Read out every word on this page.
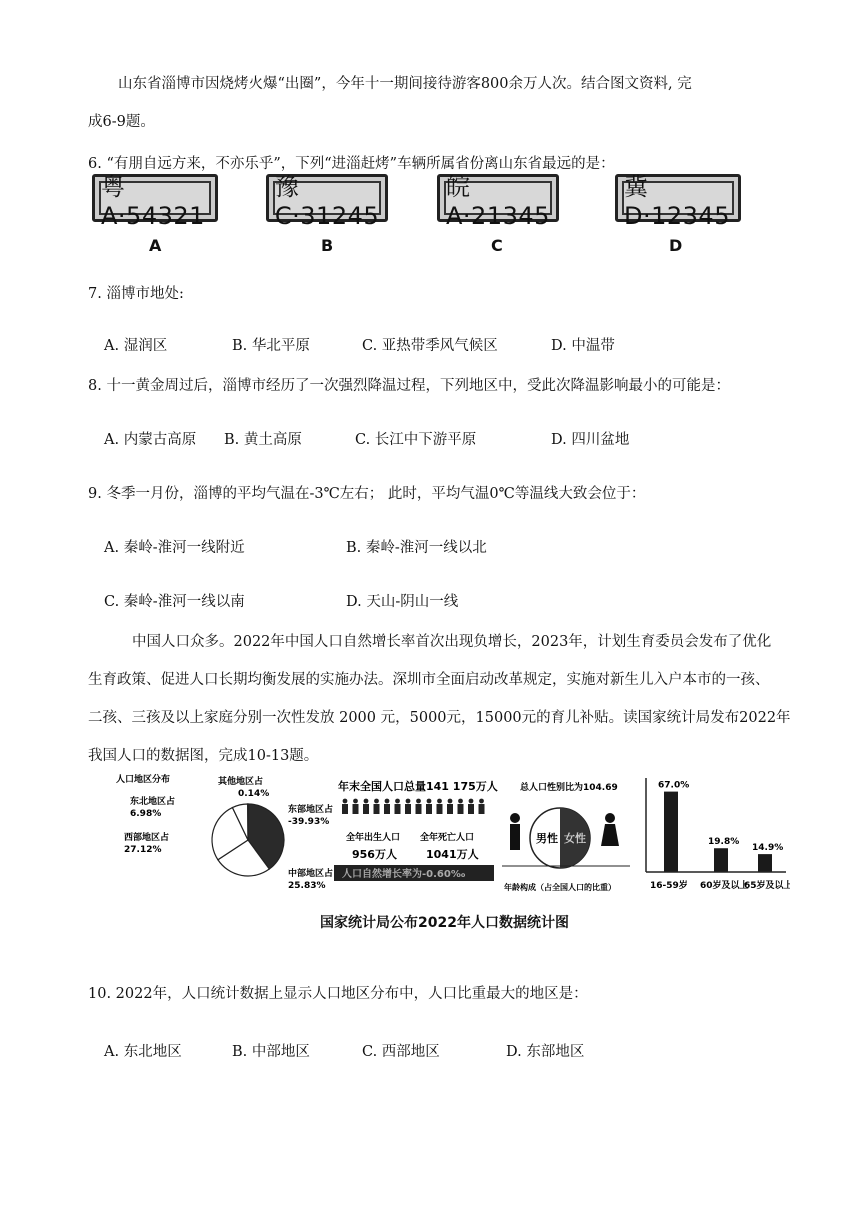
山东省淄博市因烧烤火爆“出圈”，今年十一期间接待游客800余万人次。结合图文资料, 完
成6-9题。
6. “有朋自远方来，不亦乐乎”，下列“进淄赶烤”车辆所属省份离山东省最远的是：
粤A·54321
豫C·31245
皖A·21345
冀D·12345
A	B	C	D
7. 淄博市地处:
A. 湿润区	B. 华北平原	C. 亚热带季风气候区	D. 中温带
8. 十一黄金周过后，淄博市经历了一次强烈降温过程，下列地区中，受此次降温影响最小的可能是：
A. 内蒙古高原 B. 黄土高原	C. 长江中下游平原	D. 四川盆地
9. 冬季一月份，淄博的平均气温在-3℃左右； 此时，平均气温0℃等温线大致会位于：
A. 秦岭-淮河一线附近	B. 秦岭-淮河一线以北
C. 秦岭-淮河一线以南	D. 天山-阴山一线
中国人口众多。2022年中国人口自然增长率首次出现负增长，2023年，计划生育委员会发布了优化
生育政策、促进人口长期均衡发展的实施办法。深圳市全面启动改革规定，实施对新生儿入户本市的一孩、
二孩、三孩及以上家庭分别一次性发放 2000 元，5000元，15000元的育儿补贴。读国家统计局发布2022年
我国人口的数据图，完成10-13题。
人口地区分布	其他地区占
0.14%
东北地区占
6.98%
西部地区占
27.12%
东部地区占
-39.93%
中部地区占
25.83%
年末全国人口总量141 175万人
全年出生人口
956万人
全年死亡人口
1041万人
人口自然增长率为-0.60‰
总人口性别比为104.69
男性 女性
年龄构成（占全国人口的比重）
67.0%
16-59岁
19.8%
60岁及以上
14.9%
65岁及以上
国家统计局公布2022年人口数据统计图
10. 2022年，人口统计数据上显示人口地区分布中，人口比重最大的地区是：
A. 东北地区	B. 中部地区	C. 西部地区	D. 东部地区
